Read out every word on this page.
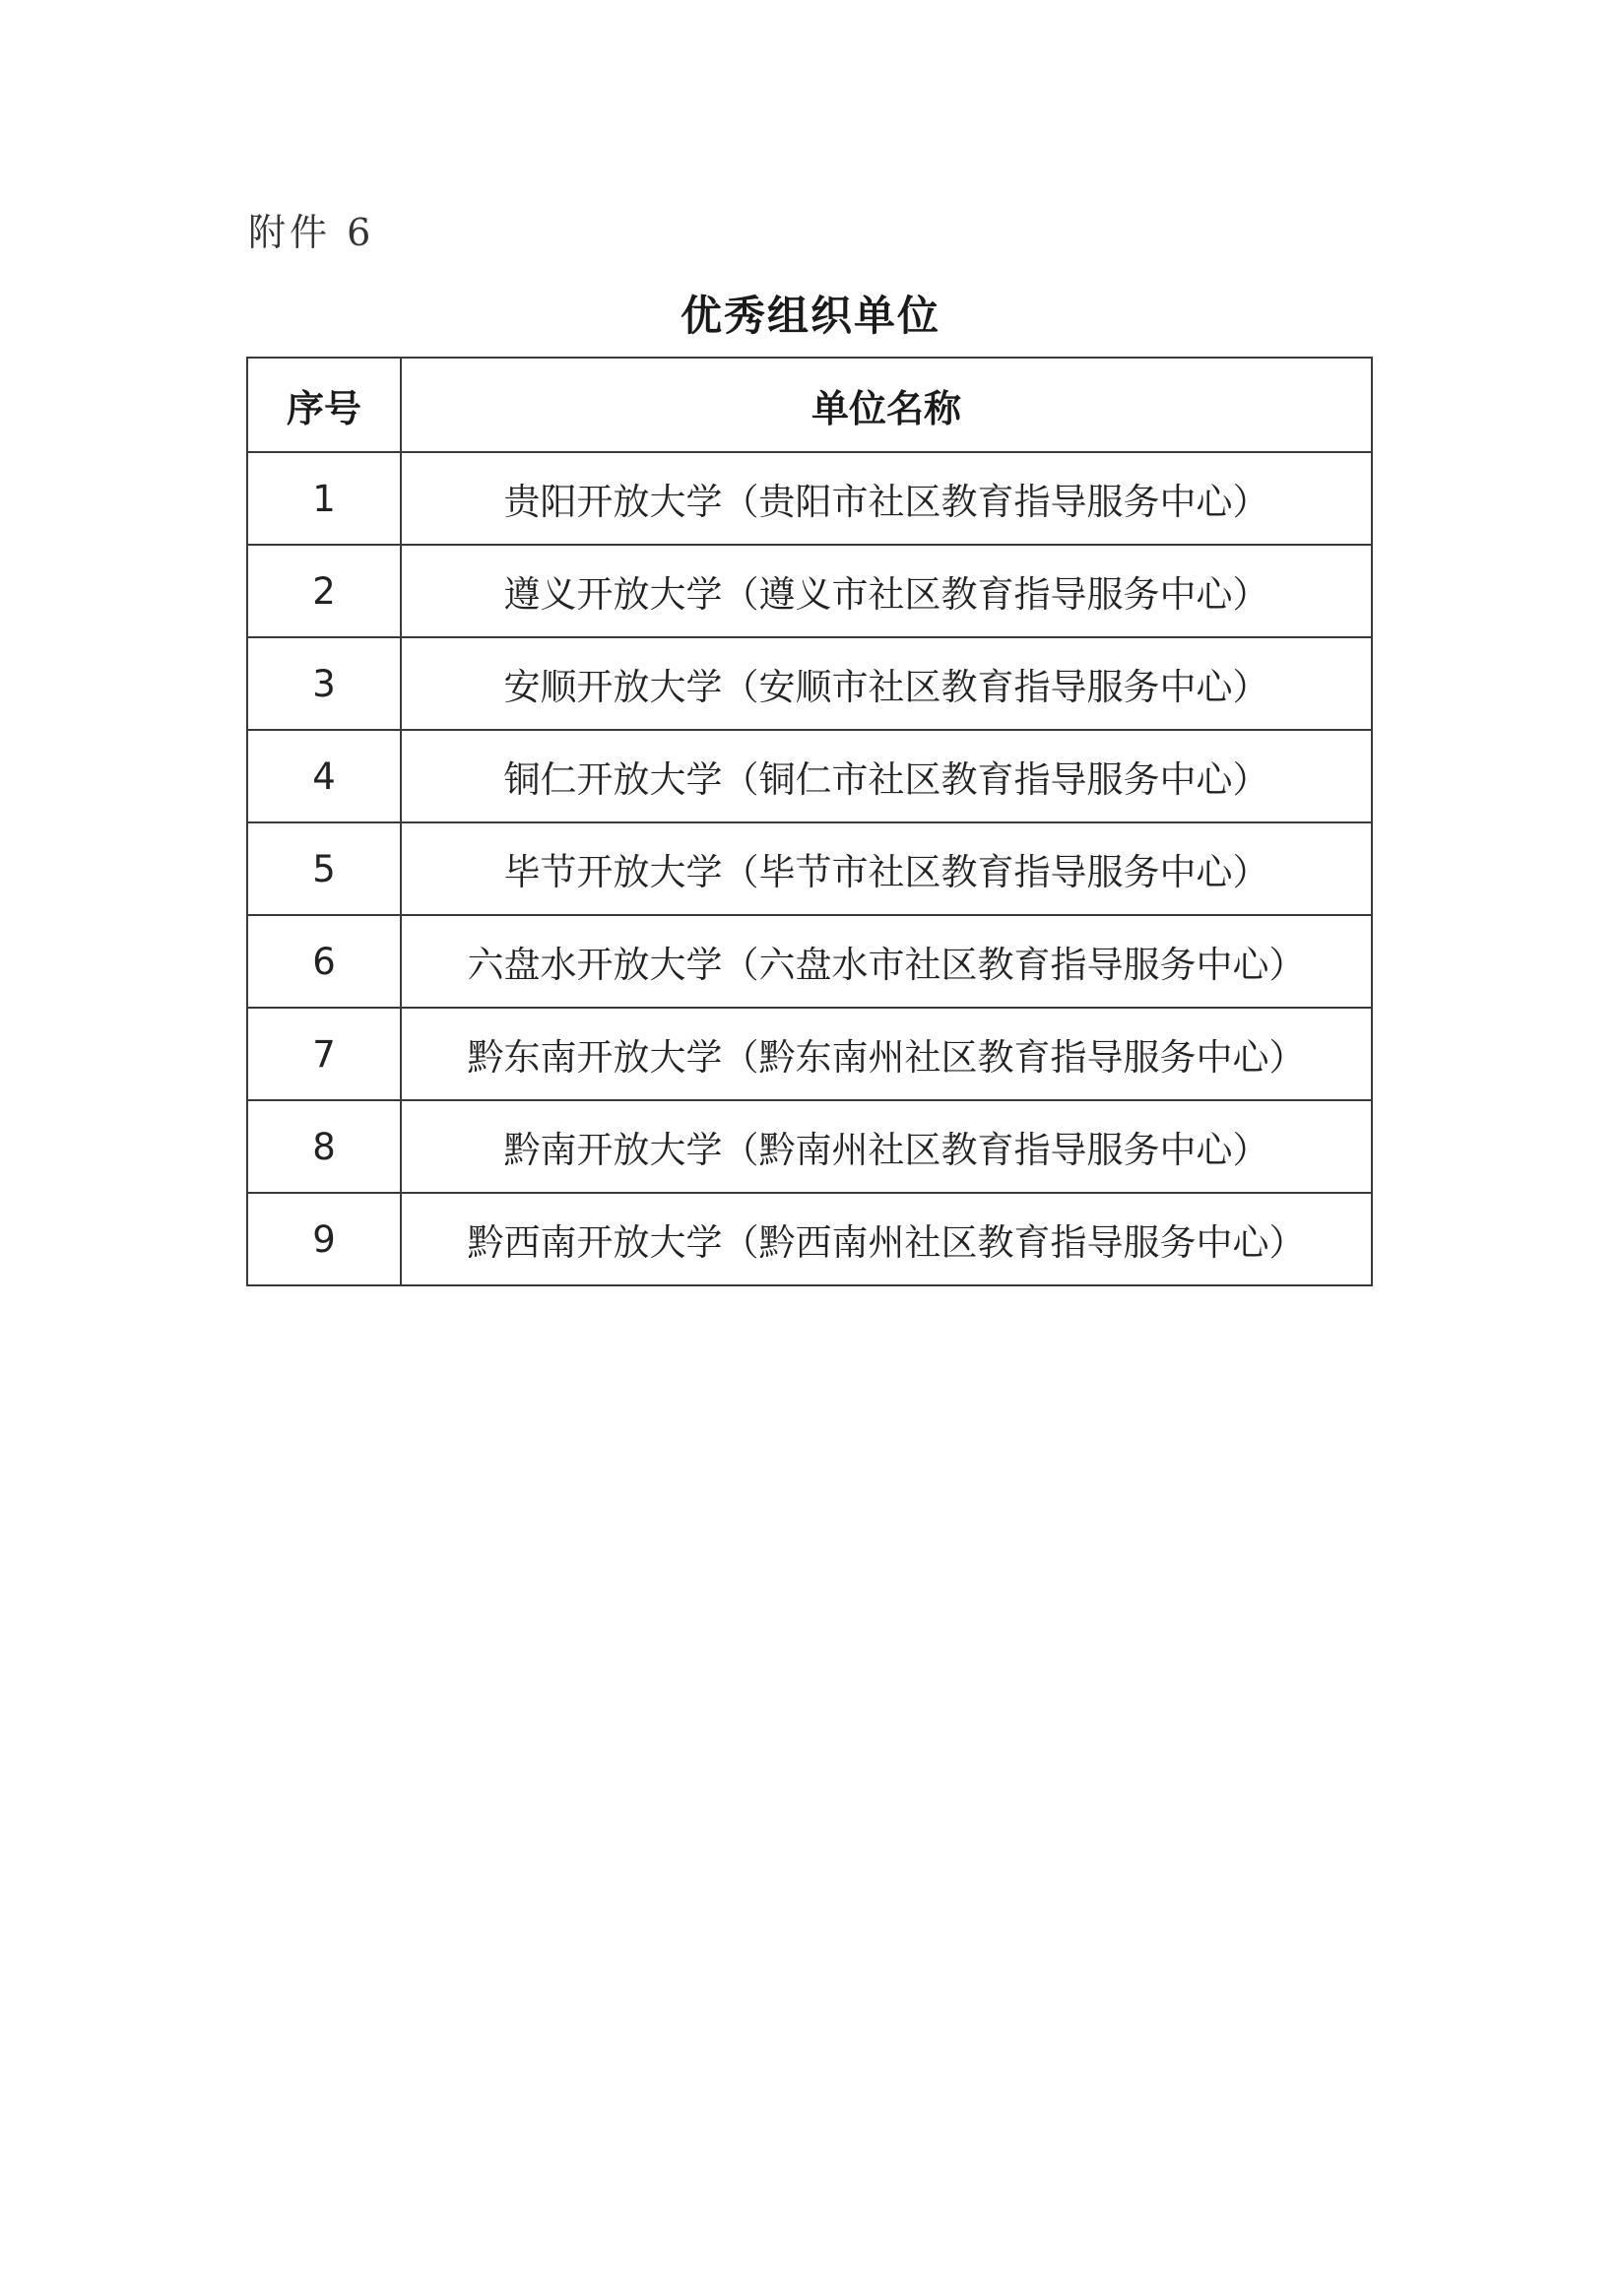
附件 6
优秀组织单位
序号	单位名称
1	贵阳开放大学（贵阳市社区教育指导服务中心）
2	遵义开放大学（遵义市社区教育指导服务中心）
3	安顺开放大学（安顺市社区教育指导服务中心）
4	铜仁开放大学（铜仁市社区教育指导服务中心）
5	毕节开放大学（毕节市社区教育指导服务中心）
6	六盘水开放大学（六盘水市社区教育指导服务中心）
7	黔东南开放大学（黔东南州社区教育指导服务中心）
8	黔南开放大学（黔南州社区教育指导服务中心）
9	黔西南开放大学（黔西南州社区教育指导服务中心）
